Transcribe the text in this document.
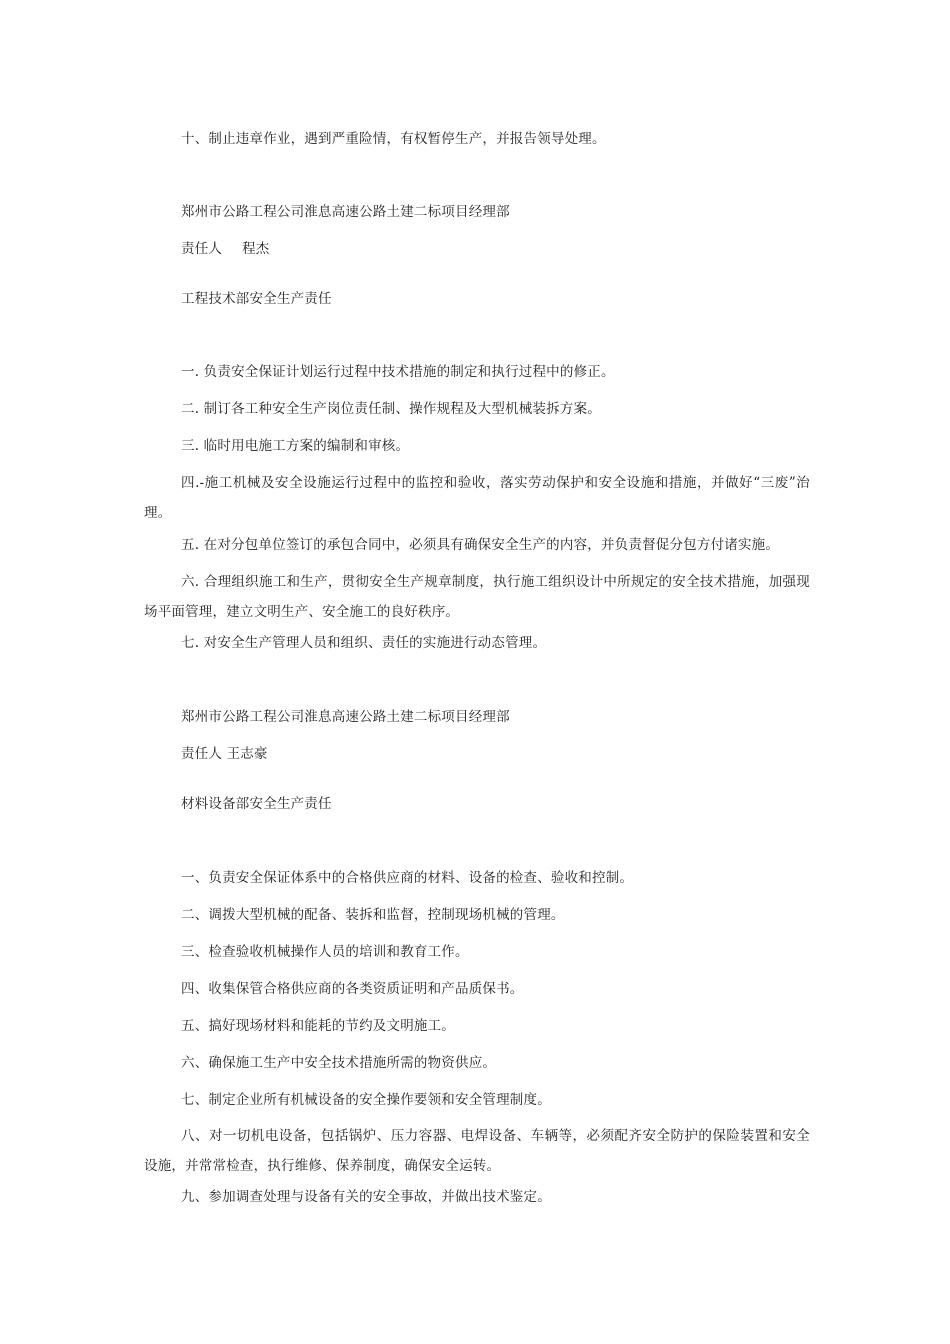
十、制止违章作业，遇到严重险情，有权暂停生产，并报告领导处理。
郑州市公路工程公司淮息高速公路土建二标项目经理部
责任人 程杰
工程技术部安全生产责任
一. 负责安全保证计划运行过程中技术措施的制定和执行过程中的修正。
二. 制订各工种安全生产岗位责任制、操作规程及大型机械装拆方案。
三. 临时用电施工方案的编制和审核。
四.-施工机械及安全设施运行过程中的监控和验收，落实劳动保护和安全设施和措施，并做好“三废”治理。
五. 在对分包单位签订的承包合同中，必须具有确保安全生产的内容，并负责督促分包方付诸实施。
六. 合理组织施工和生产，贯彻安全生产规章制度，执行施工组织设计中所规定的安全技术措施，加强现场平面管理，建立文明生产、安全施工的良好秩序。
七. 对安全生产管理人员和组织、责任的实施进行动态管理。
郑州市公路工程公司淮息高速公路土建二标项目经理部
责任人 王志豪
材料设备部安全生产责任
一、负责安全保证体系中的合格供应商的材料、设备的检查、验收和控制。
二、调拨大型机械的配备、装拆和监督，控制现场机械的管理。
三、检查验收机械操作人员的培训和教育工作。
四、收集保管合格供应商的各类资质证明和产品质保书。
五、搞好现场材料和能耗的节约及文明施工。
六、确保施工生产中安全技术措施所需的物资供应。
七、制定企业所有机械设备的安全操作要领和安全管理制度。
八、对一切机电设备，包括锅炉、压力容器、电焊设备、车辆等，必须配齐安全防护的保险装置和安全设施，并常常检查，执行维修、保养制度，确保安全运转。
九、参加调查处理与设备有关的安全事故，并做出技术鉴定。
